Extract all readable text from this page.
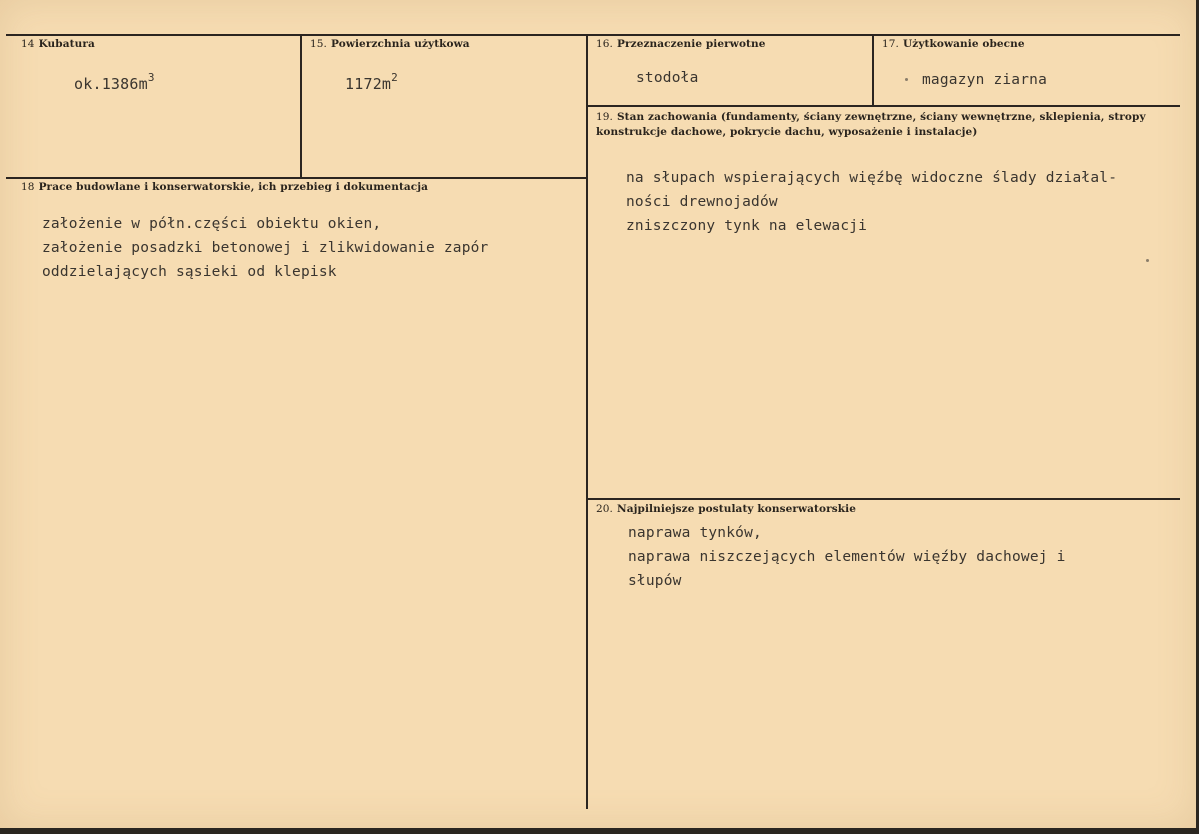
14 Kubatura
$ok.1386m^3$
15. Powierzchnia użytkowa
$1172m^2$
16. Przeznaczenie pierwotne
stodoła
17. Użytkowanie obecne
magazyn ziarna
18 Prace budowlane i konserwatorskie, ich przebieg i dokumentacja
założenie w półn.części obiektu okien,
założenie posadzki betonowej i zlikwidowanie zapór
oddzielających sąsieki od klepisk
19. Stan zachowania (fundamenty, ściany zewnętrzne, ściany wewnętrzne, sklepienia, stropy konstrukcje dachowe, pokrycie dachu, wyposażenie i instalacje)
na słupach wspierających więźbę widoczne ślady działal-
ności drewnojadów
zniszczony tynk na elewacji
20. Najpilniejsze postulaty konserwatorskie
naprawa tynków,
naprawa niszczejących elementów więźby dachowej i
słupów
